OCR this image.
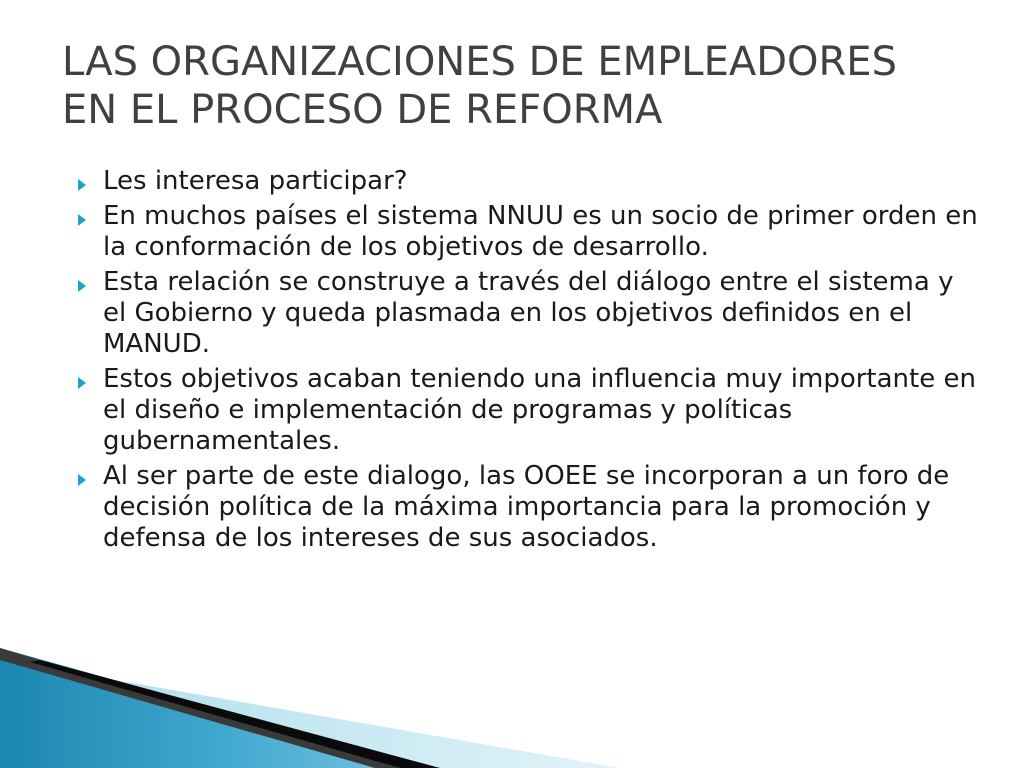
LAS ORGANIZACIONES DE EMPLEADORES
EN EL PROCESO DE REFORMA
Les interesa participar?
En muchos países el sistema NNUU es un socio de primer orden en la conformación de los objetivos de desarrollo.
Esta relación se construye a través del diálogo entre el sistema y el Gobierno y queda plasmada en los objetivos definidos en el MANUD.
Estos objetivos acaban teniendo una influencia muy importante en el diseño e implementación de programas y políticas gubernamentales.
Al ser parte de este dialogo, las OOEE se incorporan a un foro de decisión política de la máxima importancia para la promoción y defensa de los intereses de sus asociados.
